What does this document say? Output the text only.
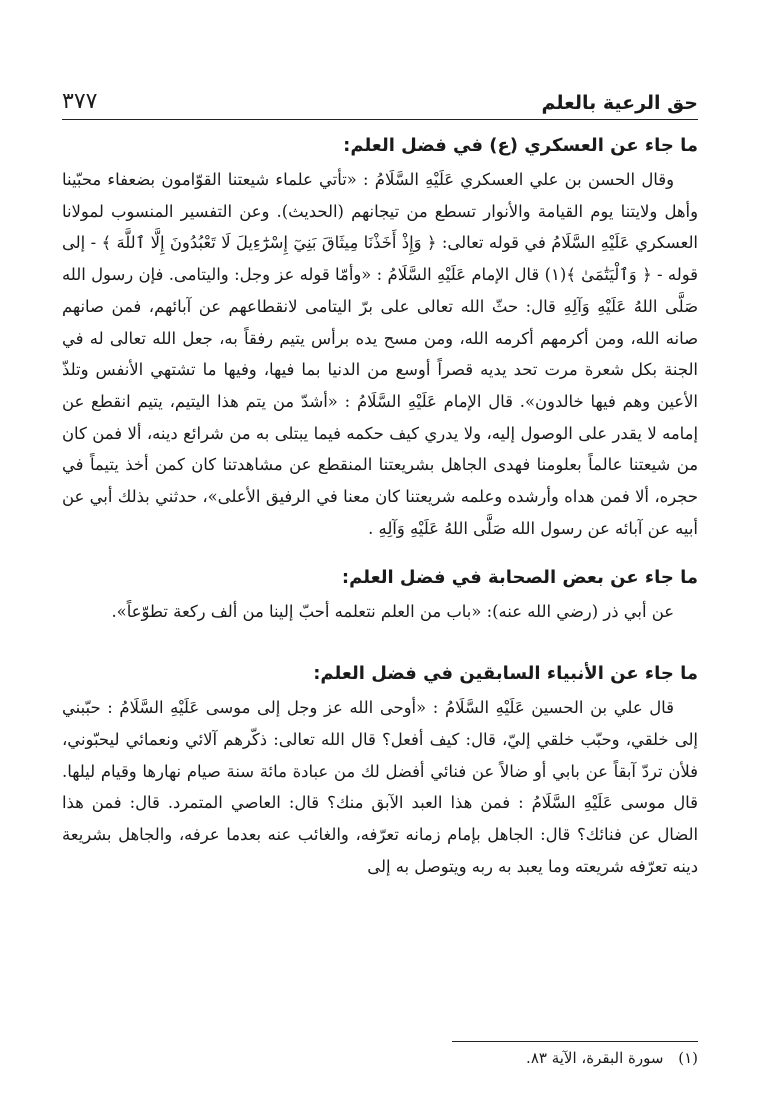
حق الرعية بالعلم
٣٧٧
ما جاء عن العسكري (ع) في فضل العلم:

وقال الحسن بن علي العسكري عَلَيْهِ السَّلَامُ : «تأتي علماء شيعتنا القوّامون بضعفاء محبّينا وأهل ولايتنا يوم القيامة والأنوار تسطع من تيجانهم (الحديث). وعن التفسير المنسوب لمولانا العسكري عَلَيْهِ السَّلَامُ في قوله تعالى: ﴿ وَإِذْ أَخَذْنَا مِيثَاقَ بَنِيٓ إِسْرَٰٓءِيلَ لَا تَعْبُدُونَ إِلَّا ٱللَّهَ ﴾ - إلى قوله - ﴿ وَٱلْيَتَٰمَىٰ ﴾(١) قال الإمام عَلَيْهِ السَّلَامُ : «وأمّا قوله عز وجل: والیتامی. فإن رسول الله صَلَّى اللهُ عَلَيْهِ وَآلِهِ قال: حثّ الله تعالى على برّ اليتامى لانقطاعهم عن آبائهم، فمن صانهم صانه الله، ومن أكرمهم أكرمه الله، ومن مسح يده برأس يتيم رفقاً به، جعل الله تعالى له في الجنة بكل شعرة مرت تحد يديه قصراً أوسع من الدنيا بما فيها، وفيها ما تشتهي الأنفس وتلذّ الأعين وهم فيها خالدون». قال الإمام عَلَيْهِ السَّلَامُ : «أشدّ من يتم هذا اليتيم، يتيم انقطع عن إمامه لا يقدر على الوصول إليه، ولا يدري كيف حكمه فيما يبتلى به من شرائع دينه، ألا فمن كان من شيعتنا عالماً بعلومنا فهدى الجاهل بشريعتنا المنقطع عن مشاهدتنا كان كمن أخذ يتيماً في حجره، ألا فمن هداه وأرشده وعلمه شريعتنا كان معنا في الرفيق الأعلى»، حدثني بذلك أبي عن أبيه عن آبائه عن رسول الله صَلَّى اللهُ عَلَيْهِ وَآلِهِ .

ما جاء عن بعض الصحابة في فضل العلم:

عن أبي ذر (رضي الله عنه): «باب من العلم نتعلمه أحبّ إلينا من ألف ركعة تطوّعاً».

ما جاء عن الأنبياء السابقين في فضل العلم:

قال علي بن الحسين عَلَيْهِ السَّلَامُ : «أوحى الله عز وجل إلى موسى عَلَيْهِ السَّلَامُ : حبّبني إلى خلقي، وحبّب خلقي إليّ، قال: كيف أفعل؟ قال الله تعالى: ذكّرهم آلائي ونعمائي ليحبّوني، فلأن تردّ آبقاً عن بابي أو ضالاً عن فنائي أفضل لك من عبادة مائة سنة صيام نهارها وقيام ليلها. قال موسى عَلَيْهِ السَّلَامُ : فمن هذا العبد الآبق منك؟ قال: العاصي المتمرد. قال: فمن هذا الضال عن فنائك؟ قال: الجاهل بإمام زمانه تعرّفه، والغائب عنه بعدما عرفه، والجاهل بشريعة دينه تعرّفه شريعته وما يعبد به ربه ويتوصل به إلى

(١) سورة البقرة، الآية ٨٣.
